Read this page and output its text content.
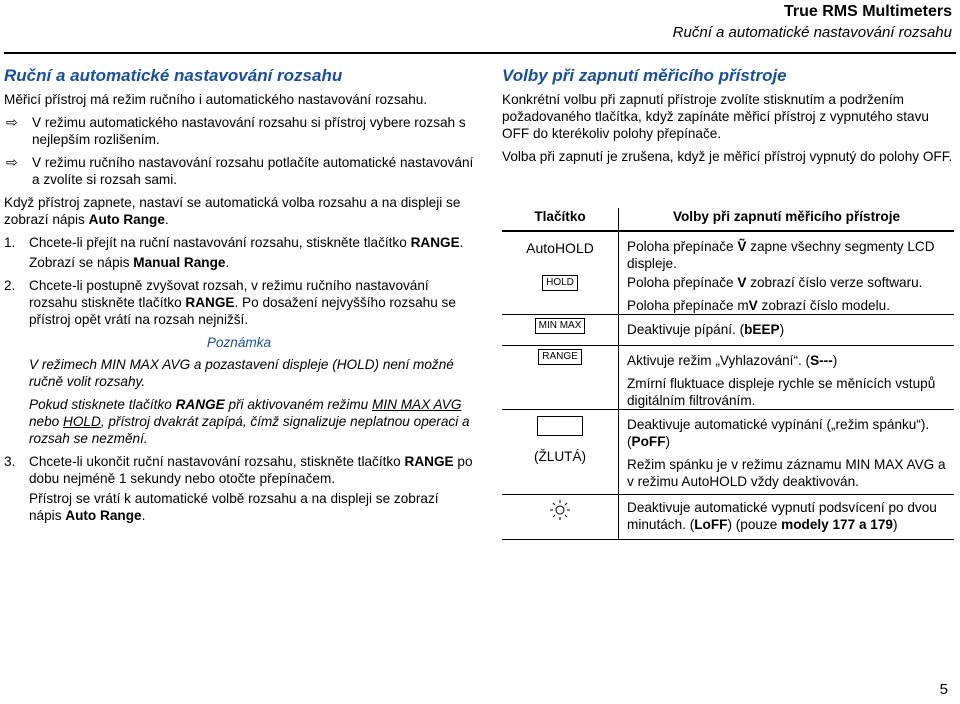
True RMS Multimeters
Ruční a automatické nastavování rozsahu
Ruční a automatické nastavování rozsahu
Měřicí přístroj má režim ručního i automatického nastavování rozsahu.
⇨ V režimu automatického nastavování rozsahu si přístroj vybere rozsah s nejlepším rozlišením.
⇨ V režimu ručního nastavování rozsahu potlačíte automatické nastavování a zvolíte si rozsah sami.
Když přístroj zapnete, nastaví se automatická volba rozsahu a na displeji se zobrazí nápis Auto Range.
1. Chcete-li přejít na ruční nastavování rozsahu, stiskněte tlačítko RANGE.
Zobrazí se nápis Manual Range.
2. Chcete-li postupně zvyšovat rozsah, v režimu ručního nastavování rozsahu stiskněte tlačítko RANGE. Po dosažení nejvyššího rozsahu se přístroj opět vrátí na rozsah nejnižší.
Poznámka
V režimech MIN MAX AVG a pozastavení displeje (HOLD) není možné ručně volit rozsahy.
Pokud stisknete tlačítko RANGE při aktivovaném režimu MIN MAX AVG nebo HOLD, přístroj dvakrát zapípá, čímž signalizuje neplatnou operaci a rozsah se nezmění.
3. Chcete-li ukončit ruční nastavování rozsahu, stiskněte tlačítko RANGE po dobu nejméně 1 sekundy nebo otočte přepínačem.
Přístroj se vrátí k automatické volbě rozsahu a na displeji se zobrazí nápis Auto Range.
Volby při zapnutí měřicího přístroje
Konkrétní volbu při zapnutí přístroje zvolíte stisknutím a podržením požadovaného tlačítka, když zapínáte měřicí přístroj z vypnutého stavu OFF do kterékoliv polohy přepínače.
Volba při zapnutí je zrušena, když je měřicí přístroj vypnutý do polohy OFF.
Tlačítko	Volby při zapnutí měřicího přístroje
AutoHOLD	Poloha přepínače Ṽ zapne všechny segmenty LCD displeje.
HOLD	Poloha přepínače V zobrazí číslo verze softwaru.

Poloha přepínače mV zobrazí číslo modelu.

MIN MAX	Deaktivuje pípání. (bEEP)
RANGE	Aktivuje režim „Vyhlazování“. (S---)
Zmírní fluktuace displeje rychle se měnících vstupů digitálním filtrováním.

(ŽLUTÁ)	Deaktivuje automatické vypínání („režim spánku“). (PoFF)
Režim spánku je v režimu záznamu MIN MAX AVG a v režimu AutoHOLD vždy deaktivován.

	Deaktivuje automatické vypnutí podsvícení po dvou minutách. (LoFF) (pouze modely 177 a 179)
5
